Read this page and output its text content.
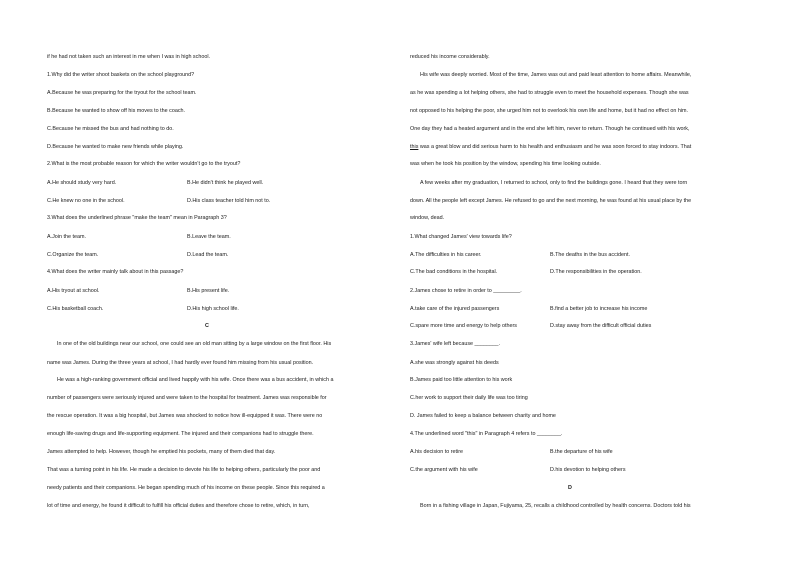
if he had not taken such an interest in me when I was in high school.
1.Why did the writer shoot baskets on the school playground?
A.Because he was preparing for the tryout for the school team.
B.Because he wanted to show off his moves to the coach.
C.Because he missed the bus and had nothing to do.
D.Because he wanted to make new friends while playing.
2.What is the most probable reason for which the writer wouldn't go to the tryout?
A.He should study very hard.	B.He didn't think he played well.
C.He knew no one in the school.	D.His class teacher told him not to.
3.What does the underlined phrase "make the team" mean in Paragraph 3?
A.Join the team.	B.Leave the team.
C.Organize the team.	D.Lead the team.
4.What does the writer mainly talk about in this passage?
A.His tryout at school.	B.His present life.
C.His basketball coach.	D.His high school life.
C
In one of the old buildings near our school, one could see an old man sitting by a large window on the first floor. His
name was James. During the three years at school, I had hardly ever found him missing from his usual position.
He was a high-ranking government official and lived happily with his wife. Once there was a bus accident, in which a
number of passengers were seriously injured and were taken to the hospital for treatment. James was responsible for
the rescue operation. It was a big hospital, but James was shocked to notice how ill-equipped it was. There were no
enough life-saving drugs and life-supporting equipment. The injured and their companions had to struggle there.
James attempted to help. However, though he emptied his pockets, many of them died that day.
That was a turning point in his life. He made a decision to devote his life to helping others, particularly the poor and
needy patients and their companions. He began spending much of his income on these people. Since this required a
lot of time and energy, he found it difficult to fulfill his official duties and therefore chose to retire, which, in turn,
reduced his income considerably.
His wife was deeply worried. Most of the time, James was out and paid least attention to home affairs. Meanwhile,
as he was spending a lot helping others, she had to struggle even to meet the household expenses. Though she was
not opposed to his helping the poor, she urged him not to overlook his own life and home, but it had no effect on him.
One day they had a heated argument and in the end she left him, never to return. Though he continued with his work,
this was a great blow and did serious harm to his health and enthusiasm and he was soon forced to stay indoors. That
was when he took his position by the window, spending his time looking outside.
A few weeks after my graduation, I returned to school, only to find the buildings gone. I heard that they were torn
down. All the people left except James. He refused to go and the next morning, he was found at his usual place by the
window, dead.
1.What changed James' view towards life?
A.The difficulties in his career.	B.The deaths in the bus accident.
C.The bad conditions in the hospital.	D.The responsibilities in the operation.
2.James chose to retire in order to _________.
A.take care of the injured passengers	B.find a better job to increase his income
C.spare more time and energy to help others	D.stay away from the difficult official duties
3.James' wife left because ________.
A.she was strongly against his deeds
B.James paid too little attention to his work
C.her work to support their daily life was too tiring
D. James failed to keep a balance between charity and home
4.The underlined word "this" in Paragraph 4 refers to ________.
A.his decision to retire	B.the departure of his wife
C.the argument with his wife	D.his devotion to helping others
D
Born in a fishing village in Japan, Fujiyama, 25, recalls a childhood controlled by health concerns. Doctors told his
